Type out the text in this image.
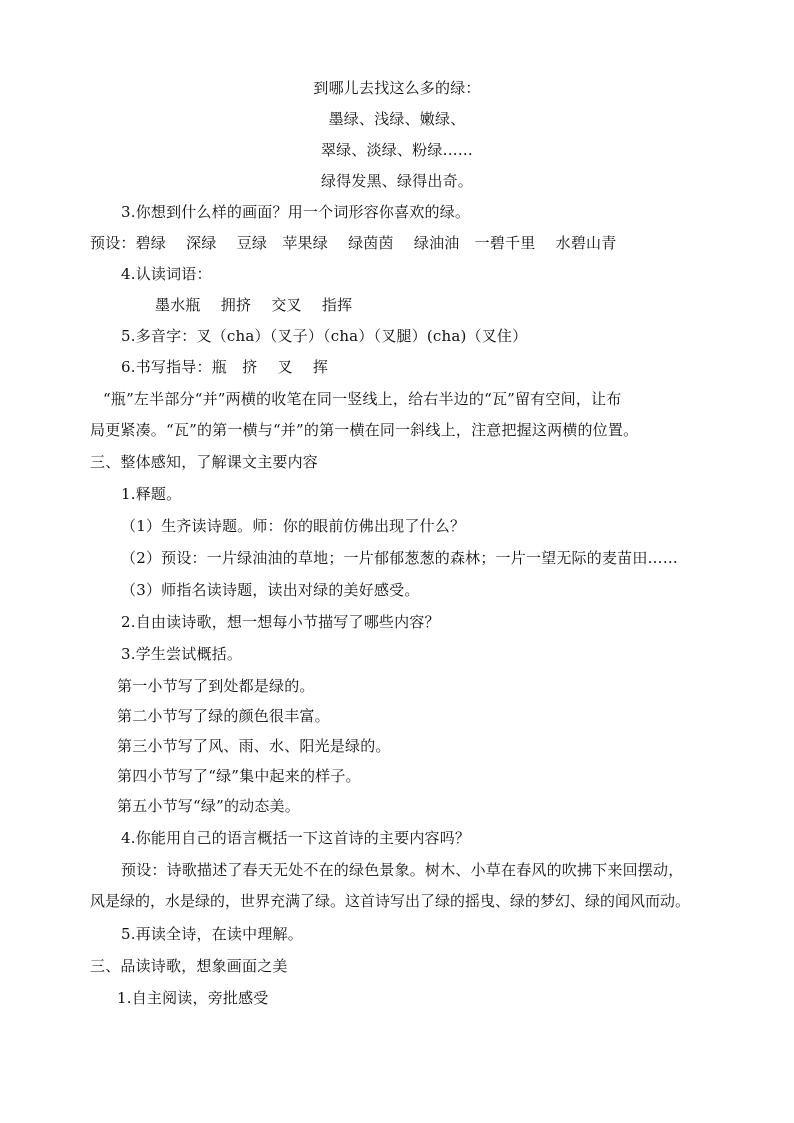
到哪儿去找这么多的绿：
墨绿、浅绿、嫩绿、
翠绿、淡绿、粉绿……
绿得发黑、绿得出奇。
3.你想到什么样的画面？用一个词形容你喜欢的绿。
预设：碧绿　 深绿　 豆绿　苹果绿　 绿茵茵　 绿油油　一碧千里　 水碧山青
4.认读词语：
墨水瓶　 拥挤　 交叉　 指挥
5.多音字：叉（cha）（叉子）（cha）（叉腿）(cha)（叉住）
6.书写指导：瓶　挤　 叉　 挥
“瓶”左半部分“并”两横的收笔在同一竖线上，给右半边的“瓦”留有空间，让布
局更紧凑。“瓦”的第一横与“并”的第一横在同一斜线上，注意把握这两横的位置。
三、整体感知，了解课文主要内容
1.释题。
（1）生齐读诗题。师：你的眼前仿佛出现了什么？
（2）预设：一片绿油油的草地；一片郁郁葱葱的森林；一片一望无际的麦苗田……
（3）师指名读诗题，读出对绿的美好感受。
2.自由读诗歌，想一想每小节描写了哪些内容？
3.学生尝试概括。
第一小节写了到处都是绿的。
第二小节写了绿的颜色很丰富。
第三小节写了风、雨、水、阳光是绿的。
第四小节写了“绿”集中起来的样子。
第五小节写“绿”的动态美。
4.你能用自己的语言概括一下这首诗的主要内容吗？
预设：诗歌描述了春天无处不在的绿色景象。树木、小草在春风的吹拂下来回摆动，
风是绿的，水是绿的，世界充满了绿。这首诗写出了绿的摇曳、绿的梦幻、绿的闻风而动。
5.再读全诗，在读中理解。
三、品读诗歌，想象画面之美
1.自主阅读，旁批感受
